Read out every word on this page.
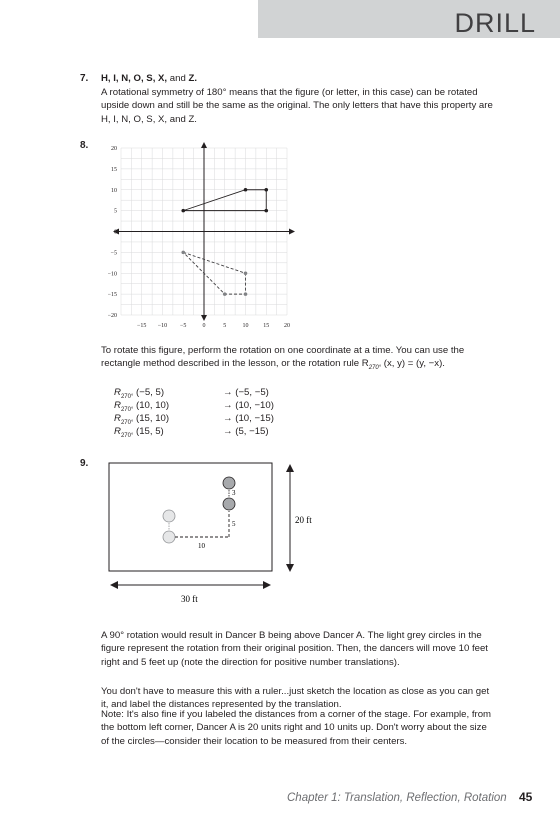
DRILL
7. H, I, N, O, S, X, and Z.

A rotational symmetry of 180° means that the figure (or letter, in this case) can be rotated upside down and still be the same as the original. The only letters that have this property are H, I, N, O, S, X, and Z.

8.
−15 −10 −5	0	5	10 15 20
20
15
10
5
0
−5
−10
−15
−20

To rotate this figure, perform the rotation on one coordinate at a time. You can use the rectangle method described in the lesson, or the rotation rule $R_{270^\circ}$ (x, y) = (y, −x).

$R_{270^\circ}$ (−5, 5)	→ (−5, −5)
$R_{270^\circ}$ (10, 10)	→ (10, −10)
$R_{270^\circ}$ (15, 10)	→ (10, −15)
$R_{270^\circ}$ (15, 5)	→ (5, −15)
9.
20 ft
30 ft
3
5
10

A 90° rotation would result in Dancer B being above Dancer A. The light grey circles in the figure represent the rotation from their original position. Then, the dancers will move 10 feet right and 5 feet up (note the direction for positive number translations).

You don't have to measure this with a ruler...just sketch the location as close as you can get it, and label the distances represented by the translation.

Note: It's also fine if you labeled the distances from a corner of the stage. For example, from the bottom left corner, Dancer A is 20 units right and 10 units up. Don't worry about the size of the circles—consider their location to be measured from their centers.

Chapter 1: Translation, Reflection, Rotation 45
